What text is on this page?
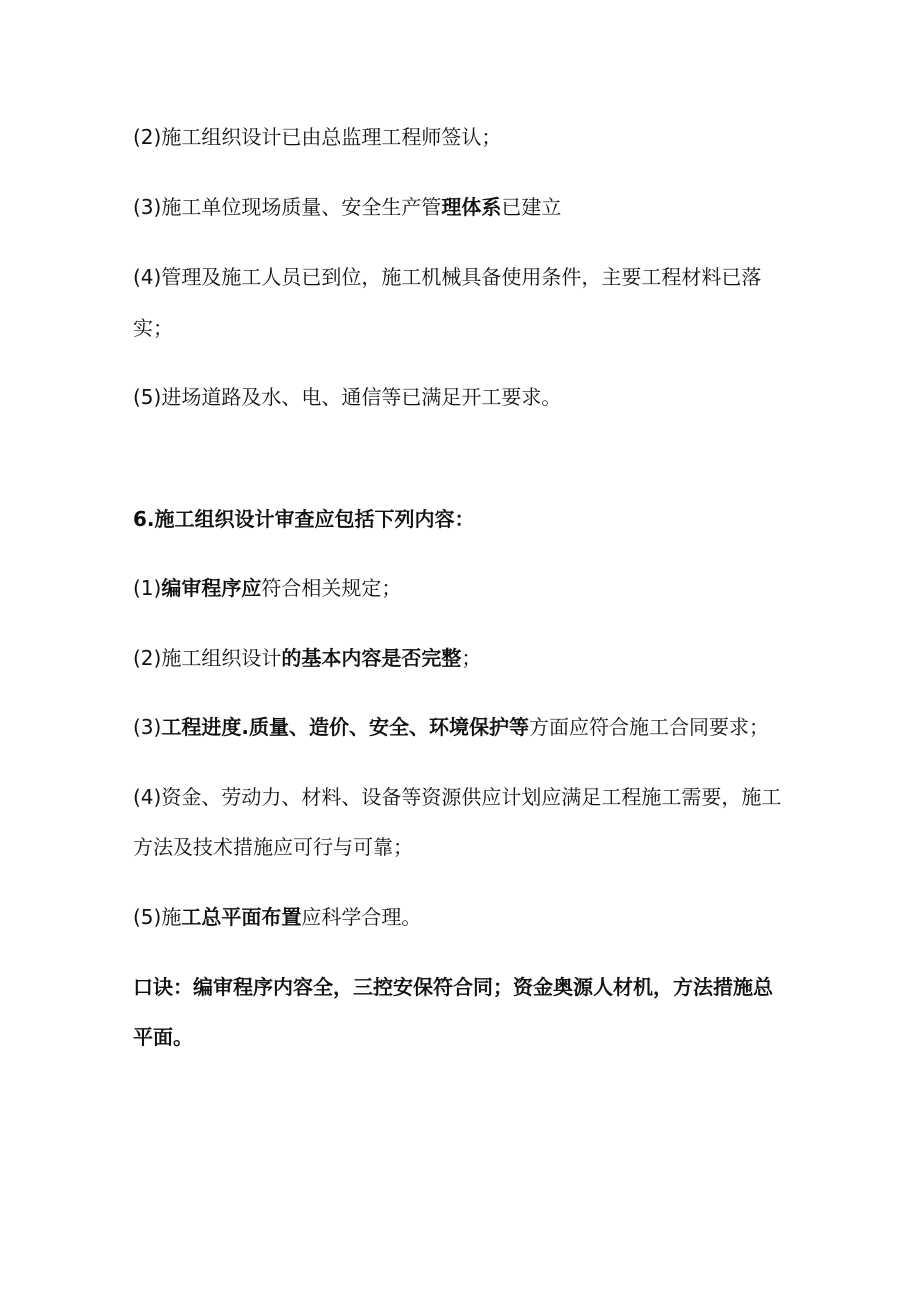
(2)施工组织设计已由总监理工程师签认；
(3)施工单位现场质量、安全生产管理体系已建立
(4)管理及施工人员已到位，施工机械具备使用条件，主要工程材料已落
实；
(5)进场道路及水、电、通信等已满足开工要求。
6.施工组织设计审查应包括下列内容：
(1)编审程序应符合相关规定；
(2)施工组织设计的基本内容是否完整；
(3)工程进度.质量、造价、安全、环境保护等方面应符合施工合同要求；
(4)资金、劳动力、材料、设备等资源供应计划应满足工程施工需要，施工
方法及技术措施应可行与可靠；
(5)施工总平面布置应科学合理。
口诀：编审程序内容全，三控安保符合同；资金奥源人材机，方法措施总
平面。
